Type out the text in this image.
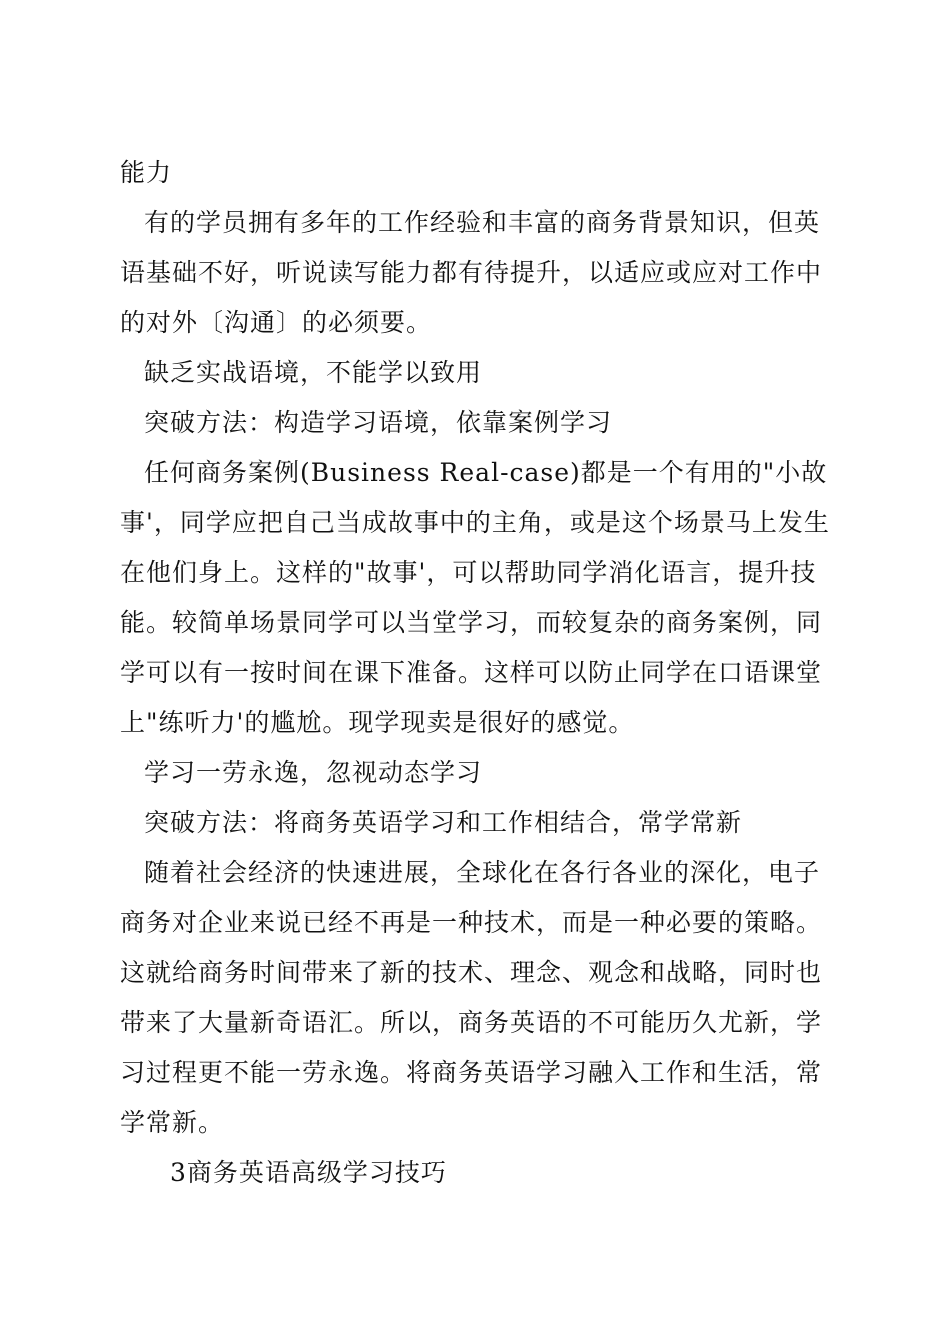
能力

有的学员拥有多年的工作经验和丰富的商务背景知识，但英语基础不好，听说读写能力都有待提升，以适应或应对工作中的对外〔沟通〕的必须要。

缺乏实战语境，不能学以致用

突破方法：构造学习语境，依靠案例学习

任何商务案例(Business Real-case)都是一个有用的"小故事'，同学应把自己当成故事中的主角，或是这个场景马上发生在他们身上。这样的"故事'，可以帮助同学消化语言，提升技能。较简单场景同学可以当堂学习，而较复杂的商务案例，同学可以有一按时间在课下准备。这样可以防止同学在口语课堂上"练听力'的尴尬。现学现卖是很好的感觉。

学习一劳永逸，忽视动态学习

突破方法：将商务英语学习和工作相结合，常学常新

随着社会经济的快速进展，全球化在各行各业的深化，电子商务对企业来说已经不再是一种技术，而是一种必要的策略。这就给商务时间带来了新的技术、理念、观念和战略，同时也带来了大量新奇语汇。所以，商务英语的不可能历久尤新，学习过程更不能一劳永逸。将商务英语学习融入工作和生活，常学常新。

3商务英语高级学习技巧
